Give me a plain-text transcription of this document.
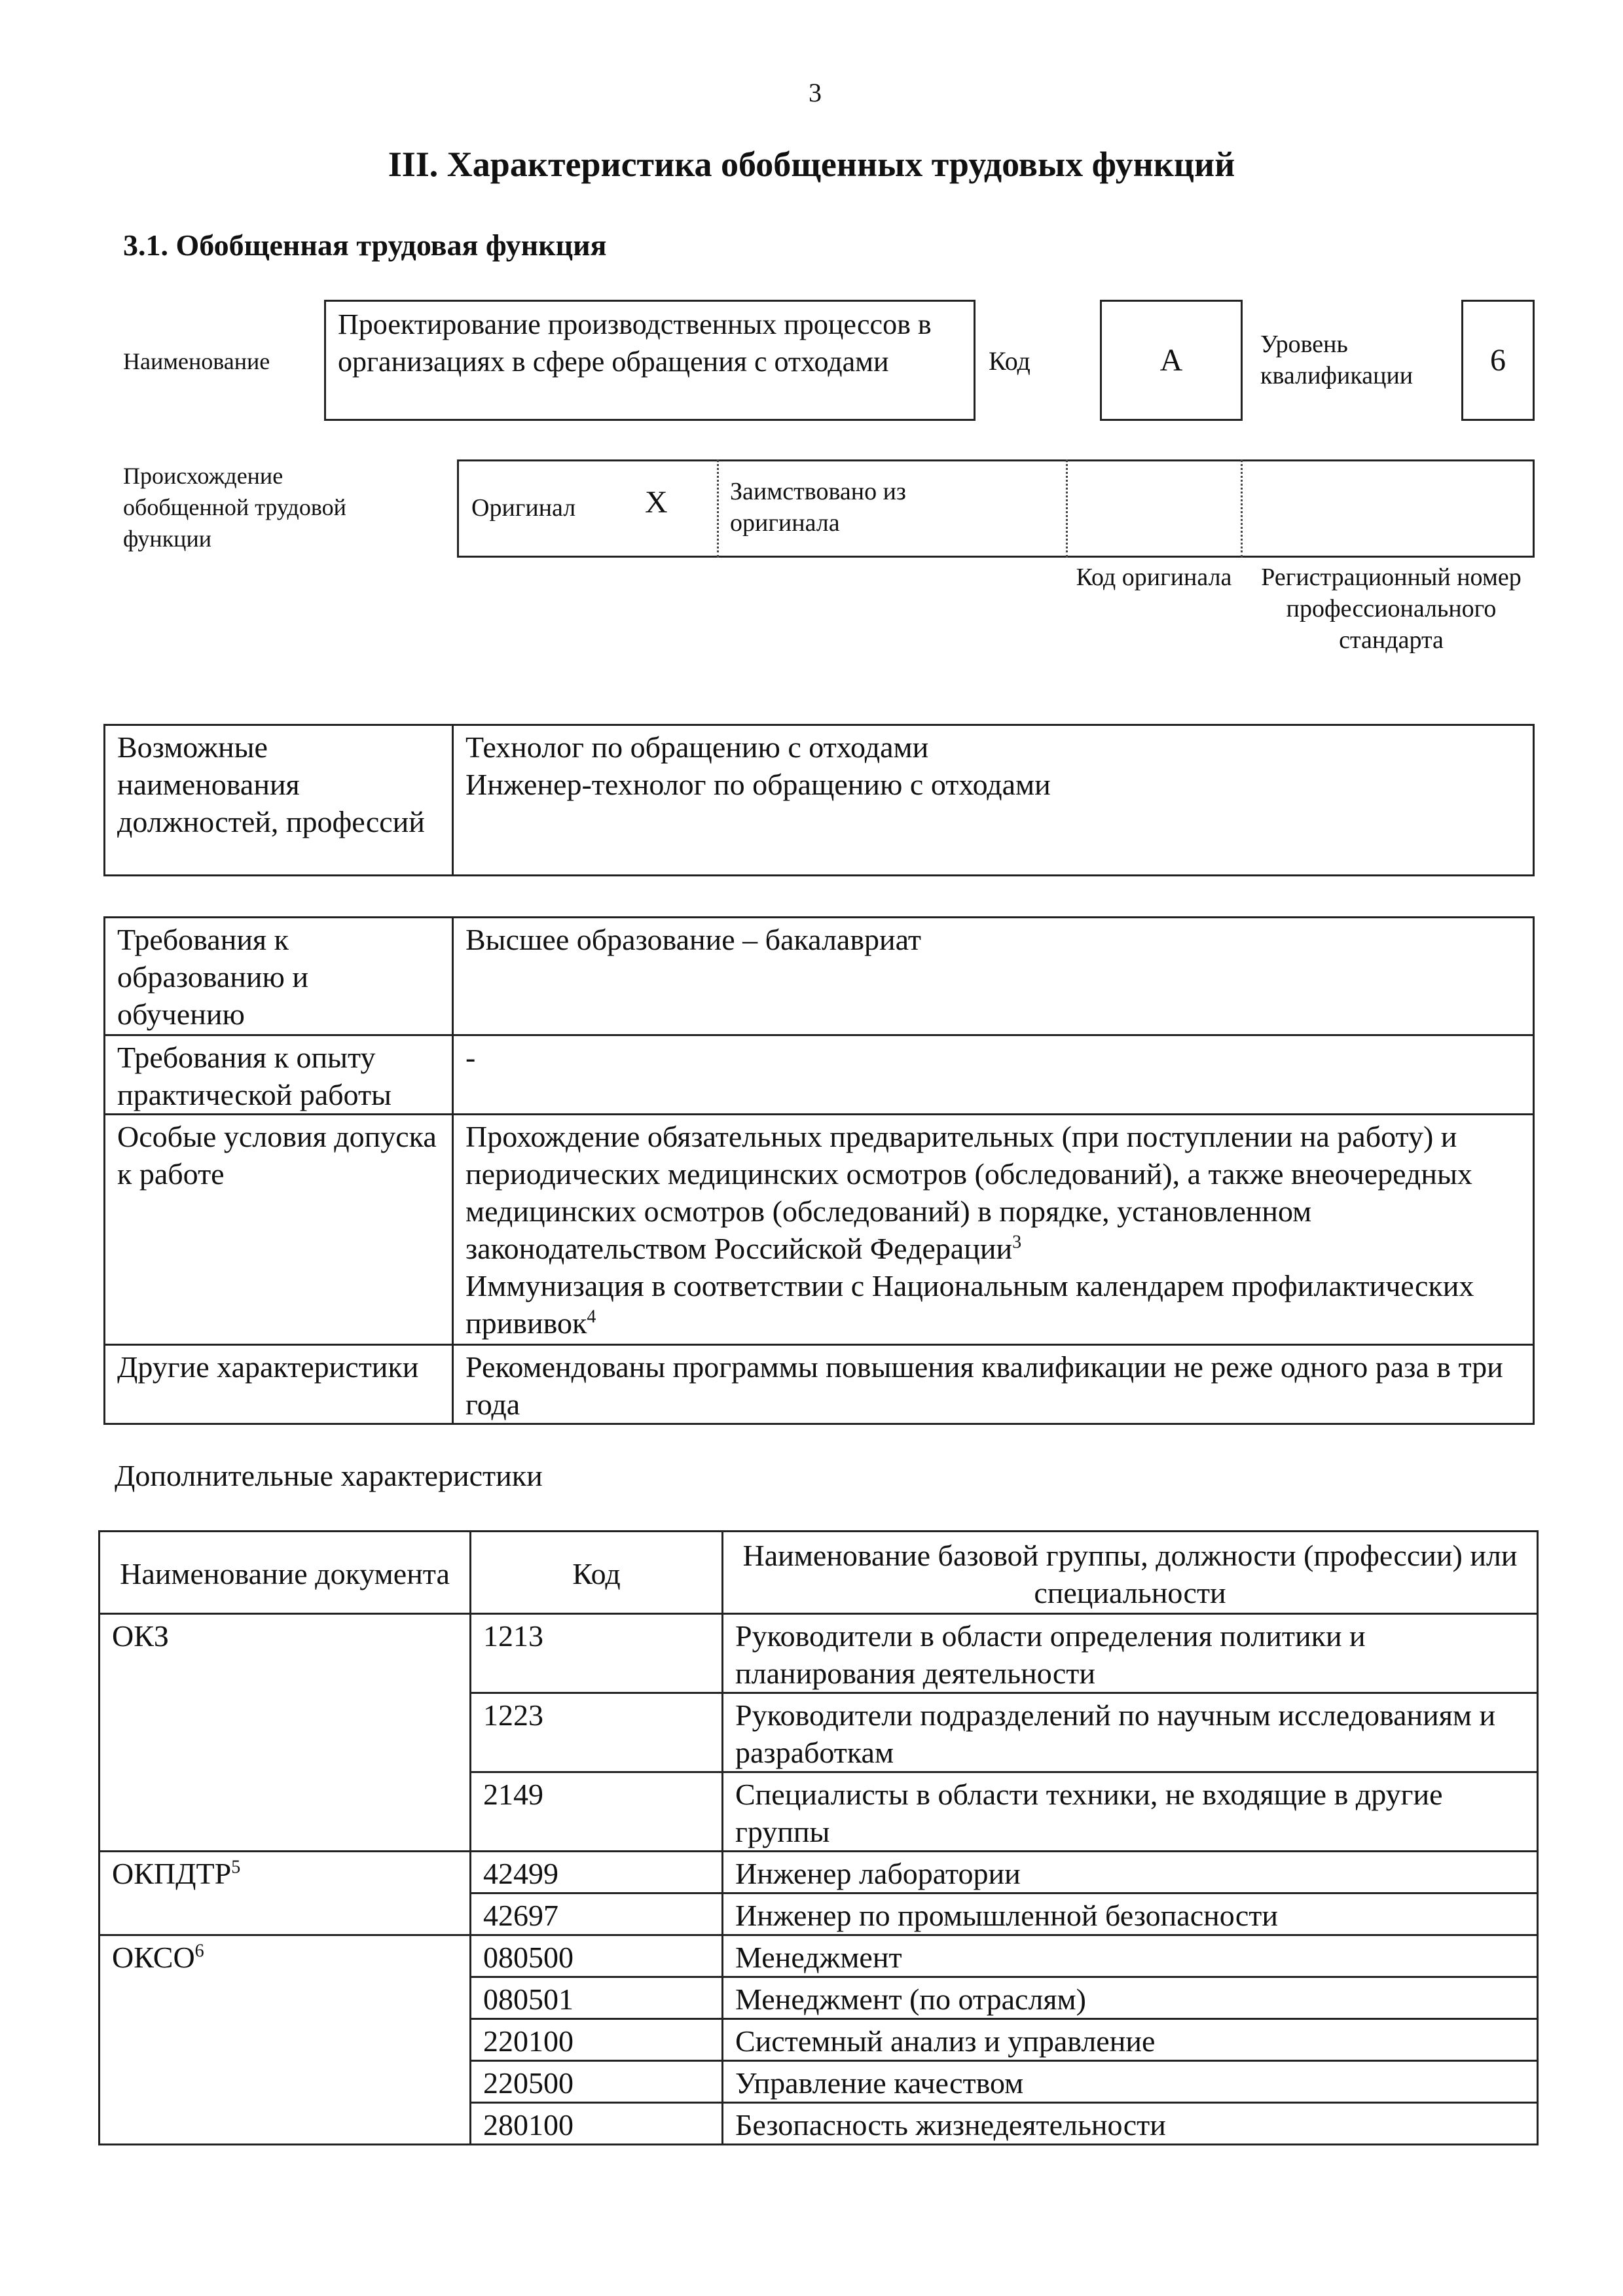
3
III. Характеристика обобщенных трудовых функций
3.1. Обобщенная трудовая функция
Наименование
Проектирование производственных процессов в организациях в сфере обращения с отходами	Код	A	Уровень квалификации	6
Происхождение обобщенной трудовой функции
Оригинал X	Заимствовано из оригинала
Код оригинала Регистрационный номер профессионального стандарта
Возможные наименования должностей, профессий	
Технолог по обращению с отходами
Инженер-технолог по обращению с отходами
Требования к образованию и обучению	Высшее образование – бакалавриат
Требования к опыту практической работы	-
Особые условия допуска к работе	Прохождение обязательных предварительных (при поступлении на работу) и периодических медицинских осмотров (обследований), а также внеочередных медицинских осмотров (обследований) в порядке, установленном законодательством Российской Федерации$^3$
Иммунизация в соответствии с Национальным календарем профилактических прививок$^4$

Другие характеристики	Рекомендованы программы повышения квалификации не реже одного раза в три года
Дополнительные характеристики
Наименование документа	Код	Наименование базовой группы, должности (профессии) или специальности
ОКЗ	1213	Руководители в области определения политики и планирования деятельности
	1223	Руководители подразделений по научным исследованиям и разработкам
	2149	Специалисты в области техники, не входящие в другие группы
ОКПДТР$^5$	42499	Инженер лаборатории
	42697	Инженер по промышленной безопасности
ОКСО$^6$	080500	Менеджмент
	080501	Менеджмент (по отраслям)
	220100	Системный анализ и управление
	220500	Управление качеством
	280100	Безопасность жизнедеятельности
